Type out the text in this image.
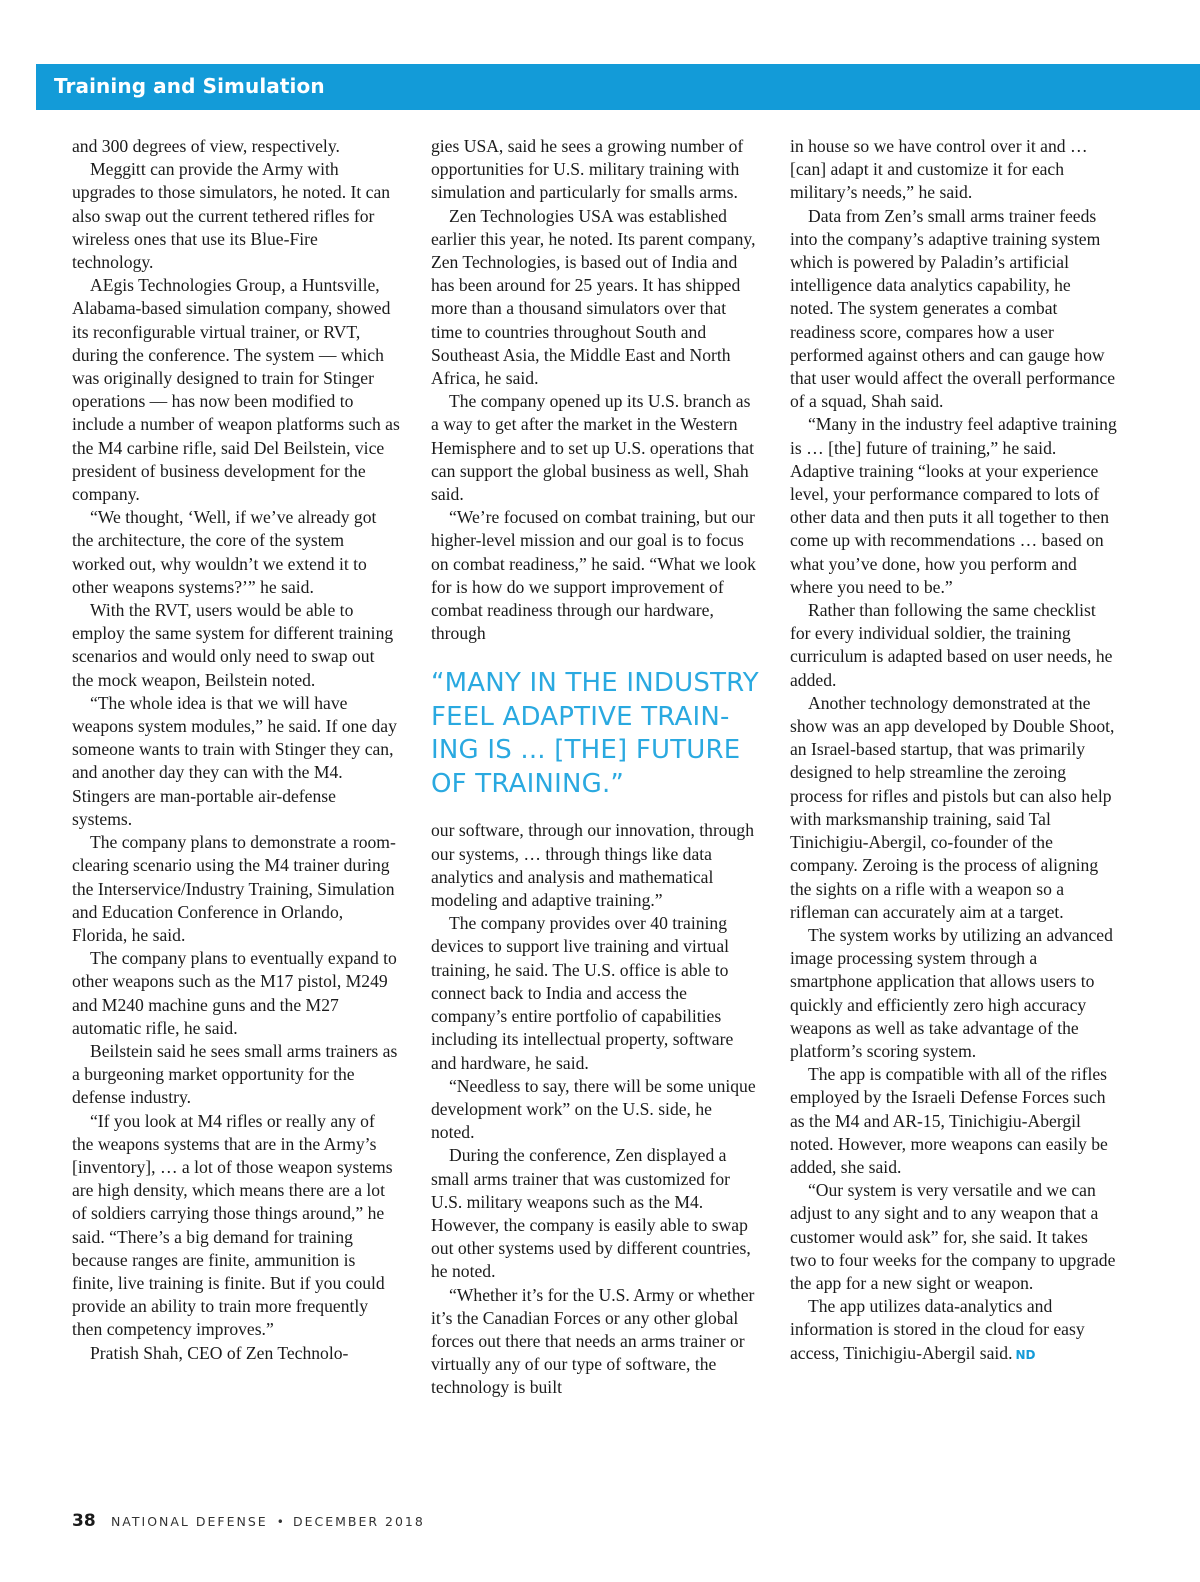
Training and Simulation

and 300 degrees of view, respectively.

Meggitt can provide the Army with upgrades to those simulators, he noted. It can also swap out the current tethered rifles for wireless ones that use its Blue-Fire technology.

AEgis Technologies Group, a Huntsville, Alabama-based simulation company, showed its reconfigurable virtual trainer, or RVT, during the conference. The system — which was originally designed to train for Stinger operations — has now been modified to include a number of weapon platforms such as the M4 carbine rifle, said Del Beilstein, vice president of business development for the company.

“We thought, ‘Well, if we’ve already got the architecture, the core of the system worked out, why wouldn’t we extend it to other weapons systems?’” he said.

With the RVT, users would be able to employ the same system for different training scenarios and would only need to swap out the mock weapon, Beilstein noted.

“The whole idea is that we will have weapons system modules,” he said. If one day someone wants to train with Stinger they can, and another day they can with the M4. Stingers are man-portable air-defense systems.

The company plans to demonstrate a room-clearing scenario using the M4 trainer during the Interservice/Industry Training, Simulation and Education Conference in Orlando, Florida, he said.

The company plans to eventually expand to other weapons such as the M17 pistol, M249 and M240 machine guns and the M27 automatic rifle, he said.

Beilstein said he sees small arms trainers as a burgeoning market opportunity for the defense industry.

“If you look at M4 rifles or really any of the weapons systems that are in the Army’s [inventory], … a lot of those weapon systems are high density, which means there are a lot of soldiers carrying those things around,” he said. “There’s a big demand for training because ranges are finite, ammunition is finite, live training is finite. But if you could provide an ability to train more frequently then competency improves.”

Pratish Shah, CEO of Zen Technolo-

gies USA, said he sees a growing number of opportunities for U.S. military training with simulation and particularly for smalls arms.

Zen Technologies USA was established earlier this year, he noted. Its parent company, Zen Technologies, is based out of India and has been around for 25 years. It has shipped more than a thousand simulators over that time to countries throughout South and Southeast Asia, the Middle East and North Africa, he said.

The company opened up its U.S. branch as a way to get after the market in the Western Hemisphere and to set up U.S. operations that can support the global business as well, Shah said.

“We’re focused on combat training, but our higher-level mission and our goal is to focus on combat readiness,” he said. “What we look for is how do we support improvement of combat readiness through our hardware, through

“MANY IN THE INDUSTRY FEEL ADAPTIVE TRAIN-ING IS ... [THE] FUTURE OF TRAINING.”

our software, through our innovation, through our systems, … through things like data analytics and analysis and mathematical modeling and adaptive training.”

The company provides over 40 training devices to support live training and virtual training, he said. The U.S. office is able to connect back to India and access the company’s entire portfolio of capabilities including its intellectual property, software and hardware, he said.

“Needless to say, there will be some unique development work” on the U.S. side, he noted.

During the conference, Zen displayed a small arms trainer that was customized for U.S. military weapons such as the M4. However, the company is easily able to swap out other systems used by different countries, he noted.

“Whether it’s for the U.S. Army or whether it’s the Canadian Forces or any other global forces out there that needs an arms trainer or virtually any of our type of software, the technology is built

in house so we have control over it and … [can] adapt it and customize it for each military’s needs,” he said.

Data from Zen’s small arms trainer feeds into the company’s adaptive training system which is powered by Paladin’s artificial intelligence data analytics capability, he noted. The system generates a combat readiness score, compares how a user performed against others and can gauge how that user would affect the overall performance of a squad, Shah said.

“Many in the industry feel adaptive training is … [the] future of training,” he said. Adaptive training “looks at your experience level, your performance compared to lots of other data and then puts it all together to then come up with recommendations … based on what you’ve done, how you perform and where you need to be.”

Rather than following the same checklist for every individual soldier, the training curriculum is adapted based on user needs, he added.

Another technology demonstrated at the show was an app developed by Double Shoot, an Israel-based startup, that was primarily designed to help streamline the zeroing process for rifles and pistols but can also help with marksmanship training, said Tal Tinichigiu-Abergil, co-founder of the company. Zeroing is the process of aligning the sights on a rifle with a weapon so a rifleman can accurately aim at a target.

The system works by utilizing an advanced image processing system through a smartphone application that allows users to quickly and efficiently zero high accuracy weapons as well as take advantage of the platform’s scoring system.

The app is compatible with all of the rifles employed by the Israeli Defense Forces such as the M4 and AR-15, Tinichigiu-Abergil noted. However, more weapons can easily be added, she said.

“Our system is very versatile and we can adjust to any sight and to any weapon that a customer would ask” for, she said. It takes two to four weeks for the company to upgrade the app for a new sight or weapon.

The app utilizes data-analytics and information is stored in the cloud for easy access, Tinichigiu-Abergil said. ND

38 NATIONAL DEFENSE • DECEMBER 2018
